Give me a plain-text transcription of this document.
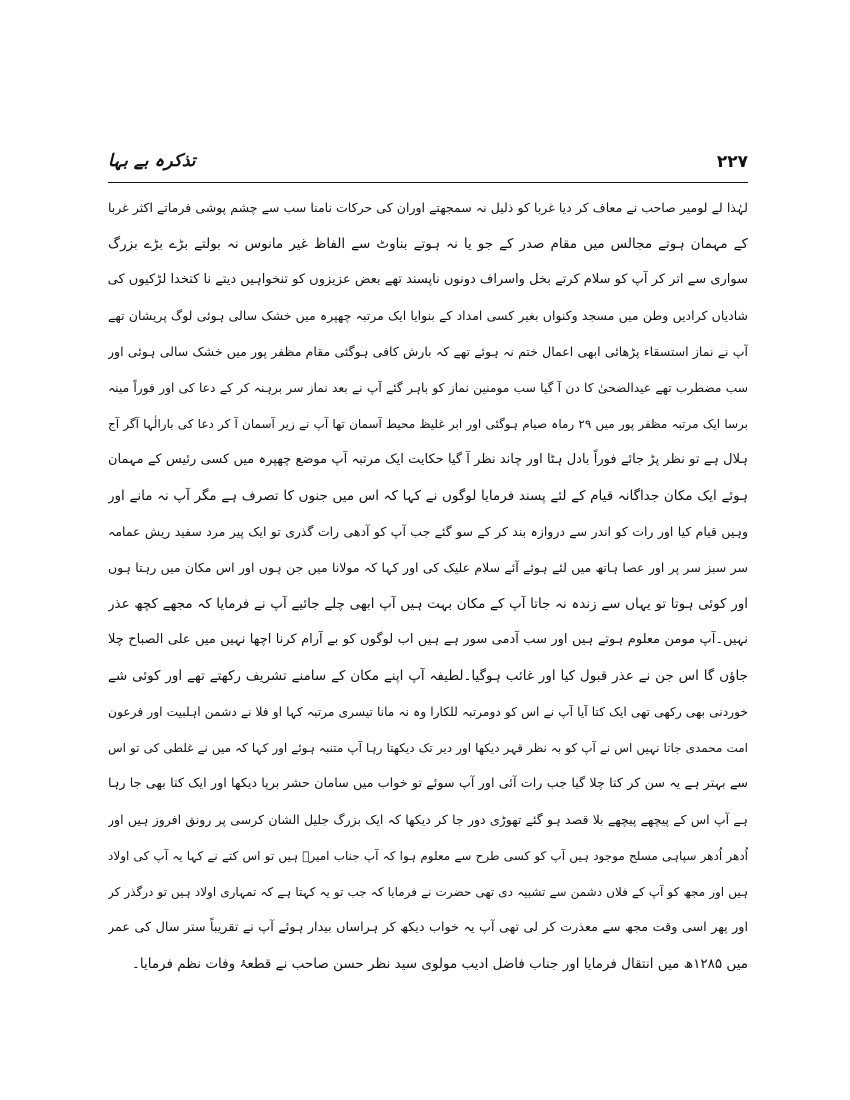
۲۲۷
تذکرہ بے بہا
لہٰذا لے لومیر صاحب نے معاف کر دیا غربا کو ذلیل نہ سمجھتے اوران کی حرکات نامنا سب سے چشم پوشی فرماتے اکثر غربا
کے مہمان ہوتے مجالس میں مقام صدر کے جو یا نہ ہوتے بناوٹ سے الفاظ غیر مانوس نہ بولتے بڑے بڑے بزرگ
سواری سے اتر کر آپ کو سلام کرتے بخل واسراف دونوں ناپسند تھے بعض عزیزوں کو تنخواہیں دیتے نا کتخدا لڑکیوں کی
شادیاں کرادیں وطن میں مسجد وکنواں بغیر کسی امداد کے بنوایا ایک مرتبہ چھپرہ میں خشک سالی ہوئی لوگ پریشان تھے
آپ نے نماز استسقاء پڑھائی ابھی اعمال ختم نہ ہوئے تھے کہ بارش کافی ہوگئی مقام مظفر پور میں خشک سالی ہوئی اور
سب مضطرب تھے عیدالضحیٰ کا دن آ گیا سب مومنین نماز کو باہر گئے آپ نے بعد نماز سر برہنہ کر کے دعا کی اور فوراً مینہ
برسا ایک مرتبہ مظفر پور میں ۲۹ رماہ صیام ہوگئی اور ابر غلیظ محیط آسمان تھا آپ نے زیر آسمان آ کر دعا کی بارالٰہا آگر آج
ہلال ہے تو نظر پڑ جائے فوراً بادل ہٹا اور چاند نظر آ گیا حکایت ایک مرتبہ آپ موضع چھپرہ میں کسی رئیس کے مہمان
ہوئے ایک مکان جداگانہ قیام کے لئے پسند فرمایا لوگوں نے کہا کہ اس میں جنوں کا تصرف ہے مگر آپ نہ مانے اور
وہیں قیام کیا اور رات کو اندر سے دروازہ بند کر کے سو گئے جب آپ کو آدھی رات گذری تو ایک پیر مرد سفید ریش عمامہ
سر سبز سر پر اور عصا ہاتھ میں لئے ہوئے آئے سلام علیک کی اور کہا کہ مولانا میں جن ہوں اور اس مکان میں رہتا ہوں
اور کوئی ہوتا تو یہاں سے زندہ نہ جاتا آپ کے مکان بہت ہیں آپ ابھی چلے جائیے آپ نے فرمایا کہ مجھے کچھ عذر
نہیں۔آپ مومن معلوم ہوتے ہیں اور سب آدمی سور ہے ہیں اب لوگوں کو بے آرام کرنا اچھا نہیں میں علی الصباح چلا
جاؤں گا اس جن نے عذر قبول کیا اور غائب ہوگیا۔لطیفہ آپ اپنے مکان کے سامنے تشریف رکھتے تھے اور کوئی شے
خوردنی بھی رکھی تھی ایک کتا آیا آپ نے اس کو دومرتبہ للکارا وہ نہ مانا تیسری مرتبہ کہا او فلا نے دشمن اہلبیت اور فرعون
امت محمدی جاتا نہیں اس نے آپ کو بہ نظر قہر دیکھا اور دیر تک دیکھتا رہا آپ متنبہ ہوئے اور کہا کہ میں نے غلطی کی تو اس
سے بہتر ہے یہ سن کر کتا چلا گیا جب رات آئی اور آپ سوئے تو خواب میں سامان حشر برپا دیکھا اور ایک کتا بھی جا رہا
ہے آپ اس کے پیچھے پیچھے بلا قصد ہو گئے تھوڑی دور جا کر دیکھا کہ ایک بزرگ جلیل الشان کرسی پر رونق افروز ہیں اور
اُدھر اُدھر سپاہی مسلح موجود ہیں آپ کو کسی طرح سے معلوم ہوا کہ آپ جناب امیرؑ ہیں تو اس کتے نے کہا یہ آپ کی اولاد
ہیں اور مجھ کو آپ کے فلاں دشمن سے تشبیہ دی تھی حضرت نے فرمایا کہ جب تو یہ کہتا ہے کہ تمہاری اولاد ہیں تو درگذر کر
اور پھر اسی وقت مجھ سے معذرت کر لی تھی آپ یہ خواب دیکھ کر ہراساں بیدار ہوئے آپ نے تقریباً ستر سال کی عمر
میں ۱۲۸۵ھ میں انتقال فرمایا اور جناب فاضل ادیب مولوی سید نظر حسن صاحب نے قطعۂ وفات نظم فرمایا۔
